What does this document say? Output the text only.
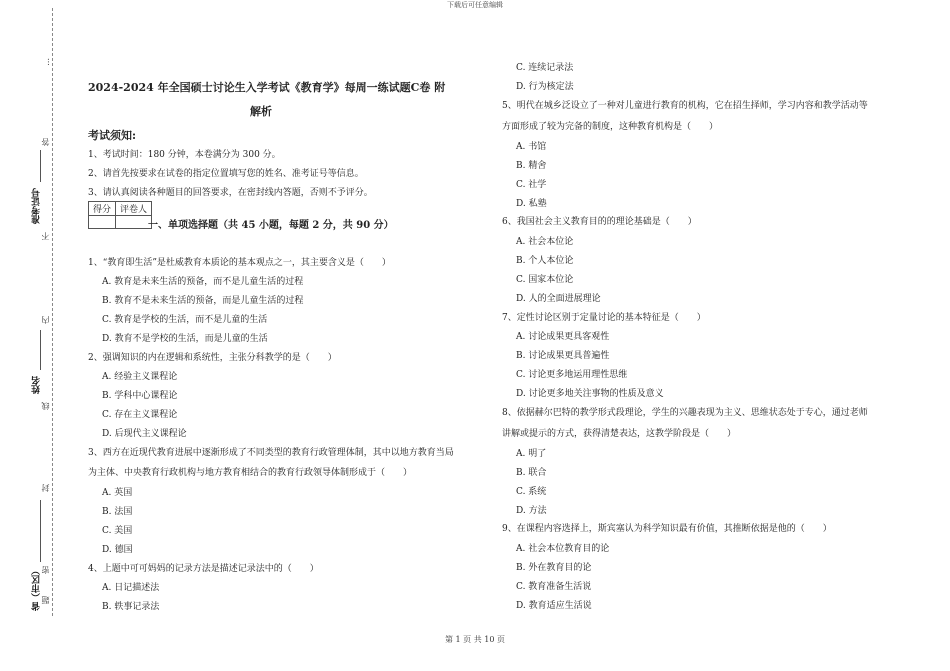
下载后可任意编辑
第 1 页 共 10 页
...
答
准考证号
不
内
姓名
线
封
密
省（市区） 题
2024-2024 年全国硕士讨论生入学考试《教育学》每周一练试题C卷 附
解析
考试须知:
1、考试时间：180 分钟，本卷满分为 300 分。
2、请首先按要求在试卷的指定位置填写您的姓名、准考证号等信息。
3、请认真阅读各种题目的回答要求，在密封线内答题，否则不予评分。
得分	评卷人

一、单项选择题（共 45 小题，每题 2 分，共 90 分）
1、“教育即生活”是杜威教育本质论的基本观点之一，其主要含义是（　　）
A. 教育是未来生活的预备，而不是儿童生活的过程
B. 教育不是未来生活的预备，而是儿童生活的过程
C. 教育是学校的生活，而不是儿童的生活
D. 教育不是学校的生活，而是儿童的生活
2、强调知识的内在逻辑和系统性，主张分科教学的是（　　）
A. 经验主义课程论
B. 学科中心课程论
C. 存在主义课程论
D. 后现代主义课程论
3、西方在近现代教育进展中逐渐形成了不同类型的教育行政管理体制，其中以地方教育当局
为主体、中央教育行政机构与地方教育相结合的教育行政领导体制形成于（　　）
A. 英国
B. 法国
C. 美国
D. 德国
4、上题中可可妈妈的记录方法是描述记录法中的（　　）
A. 日记描述法
B. 轶事记录法
C. 连续记录法
D. 行为核定法
5、明代在城乡泛设立了一种对儿童进行教育的机构，它在招生择师，学习内容和教学活动等
方面形成了较为完备的制度，这种教育机构是（　　）
A. 书馆
B. 精舍
C. 社学
D. 私塾
6、我国社会主义教育目的的理论基础是（　　）
A. 社会本位论
B. 个人本位论
C. 国家本位论
D. 人的全面进展理论
7、定性讨论区别于定量讨论的基本特征是（　　）
A. 讨论成果更具客观性
B. 讨论成果更具普遍性
C. 讨论更多地运用理性思维
D. 讨论更多地关注事物的性质及意义
8、依据赫尔巴特的教学形式段理论，学生的兴趣表现为主义、思维状态处于专心，通过老师
讲解或提示的方式，获得清楚表达，这教学阶段是（　　）
A. 明了
B. 联合
C. 系统
D. 方法
9、在课程内容选择上，斯宾塞认为科学知识最有价值，其推断依据是他的（　　）
A. 社会本位教育目的论
B. 外在教育目的论
C. 教育准备生活说
D. 教育适应生活说
